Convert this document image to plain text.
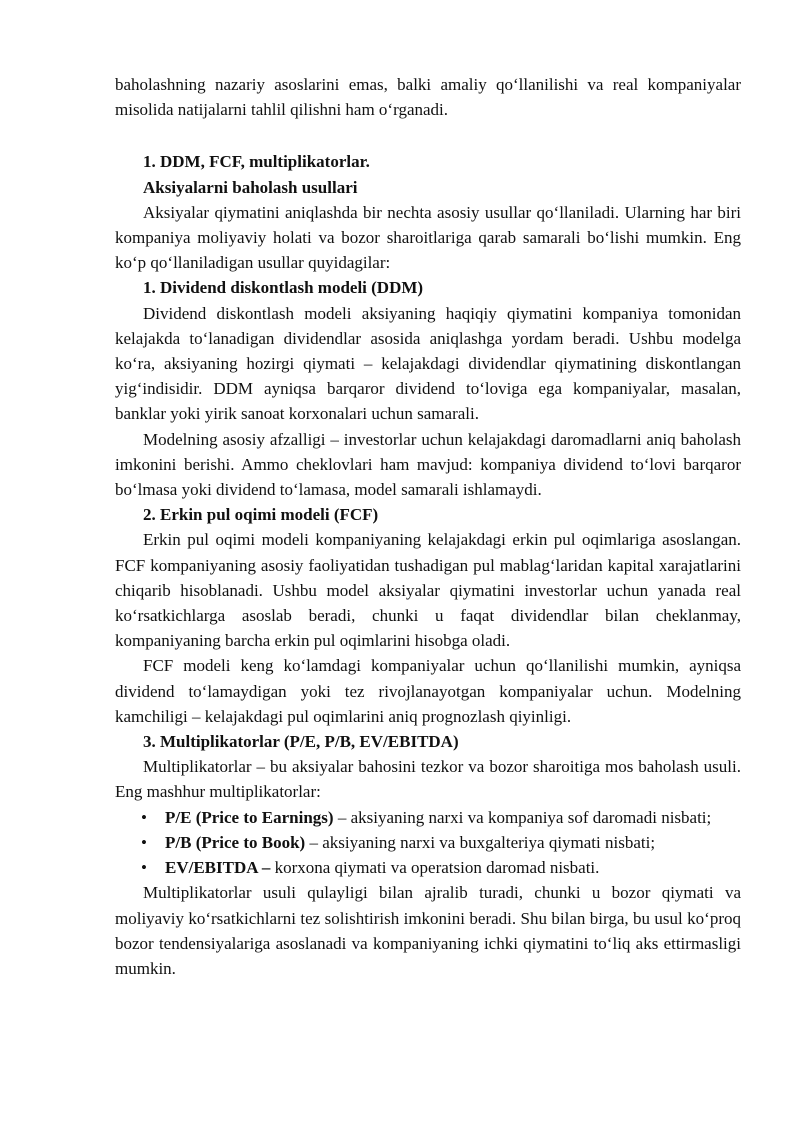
baholashning nazariy asoslarini emas, balki amaliy qo‘llanilishi va real kompaniyalar misolida natijalarni tahlil qilishni ham o‘rganadi.

1. DDM, FCF, multiplikatorlar.

Aksiyalarni baholash usullari

Aksiyalar qiymatini aniqlashda bir nechta asosiy usullar qo‘llaniladi. Ularning har biri kompaniya moliyaviy holati va bozor sharoitlariga qarab samarali bo‘lishi mumkin. Eng ko‘p qo‘llaniladigan usullar quyidagilar:

1. Dividend diskontlash modeli (DDM)

Dividend diskontlash modeli aksiyaning haqiqiy qiymatini kompaniya tomonidan kelajakda to‘lanadigan dividendlar asosida aniqlashga yordam beradi. Ushbu modelga ko‘ra, aksiyaning hozirgi qiymati – kelajakdagi dividendlar qiymatining diskontlangan yig‘indisidir. DDM ayniqsa barqaror dividend to‘loviga ega kompaniyalar, masalan, banklar yoki yirik sanoat korxonalari uchun samarali.

Modelning asosiy afzalligi – investorlar uchun kelajakdagi daromadlarni aniq baholash imkonini berishi. Ammo cheklovlari ham mavjud: kompaniya dividend to‘lovi barqaror bo‘lmasa yoki dividend to‘lamasa, model samarali ishlamaydi.

2. Erkin pul oqimi modeli (FCF)

Erkin pul oqimi modeli kompaniyaning kelajakdagi erkin pul oqimlariga asoslangan. FCF kompaniyaning asosiy faoliyatidan tushadigan pul mablag‘laridan kapital xarajatlarini chiqarib hisoblanadi. Ushbu model aksiyalar qiymatini investorlar uchun yanada real ko‘rsatkichlarga asoslab beradi, chunki u faqat dividendlar bilan cheklanmay, kompaniyaning barcha erkin pul oqimlarini hisobga oladi.

FCF modeli keng ko‘lamdagi kompaniyalar uchun qo‘llanilishi mumkin, ayniqsa dividend to‘lamaydigan yoki tez rivojlanayotgan kompaniyalar uchun. Modelning kamchiligi – kelajakdagi pul oqimlarini aniq prognozlash qiyinligi.

3. Multiplikatorlar (P/E, P/B, EV/EBITDA)

Multiplikatorlar – bu aksiyalar bahosini tezkor va bozor sharoitiga mos baholash usuli. Eng mashhur multiplikatorlar:

• P/E (Price to Earnings) – aksiyaning narxi va kompaniya sof daromadi nisbati;
• P/B (Price to Book) – aksiyaning narxi va buxgalteriya qiymati nisbati;
• EV/EBITDA – korxona qiymati va operatsion daromad nisbati.

Multiplikatorlar usuli qulayligi bilan ajralib turadi, chunki u bozor qiymati va moliyaviy ko‘rsatkichlarni tez solishtirish imkonini beradi. Shu bilan birga, bu usul ko‘proq bozor tendensiyalariga asoslanadi va kompaniyaning ichki qiymatini to‘liq aks ettirmasligi mumkin.
